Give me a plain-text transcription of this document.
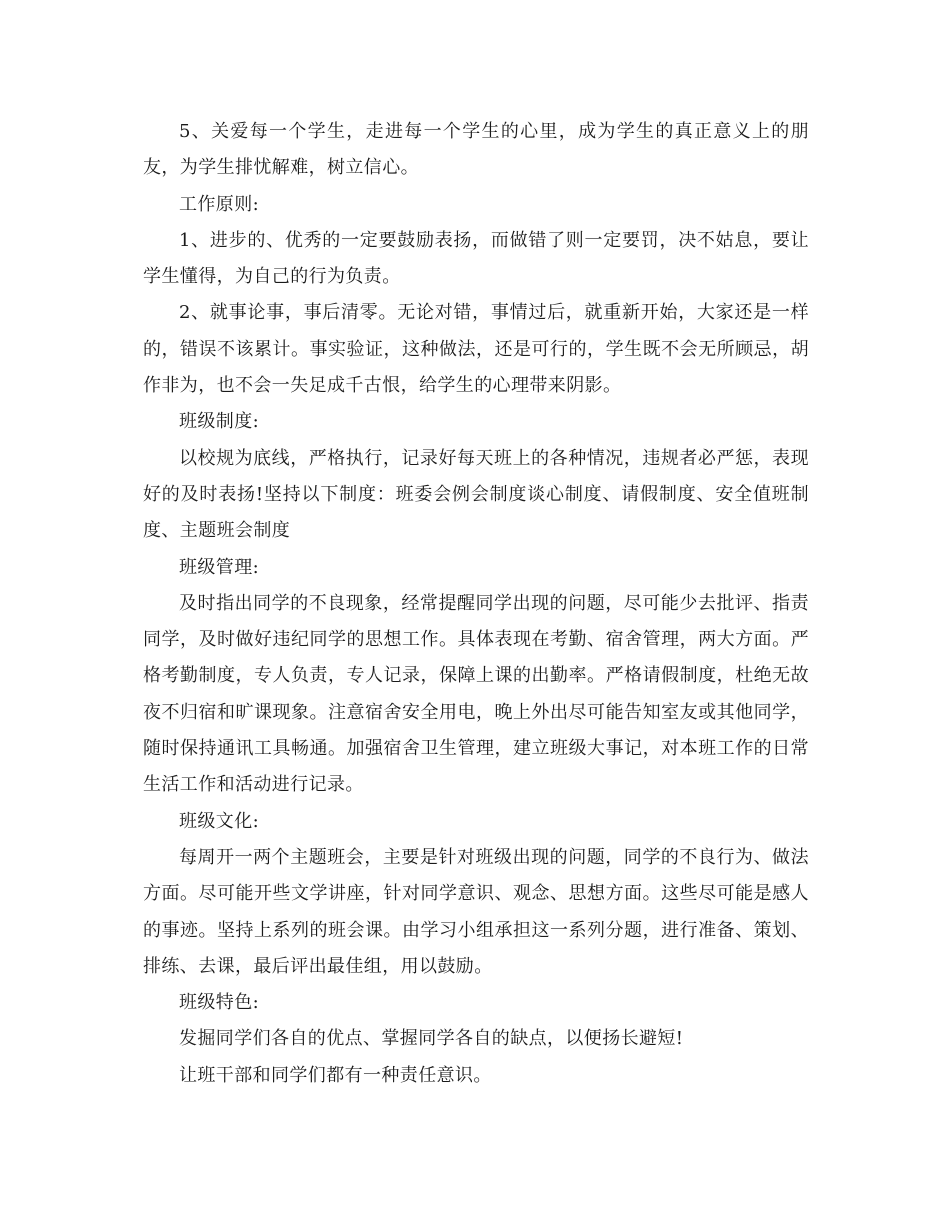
5、关爱每一个学生，走进每一个学生的心里，成为学生的真正意义上的朋友，为学生排忧解难，树立信心。

工作原则:

1、进步的、优秀的一定要鼓励表扬，而做错了则一定要罚，决不姑息，要让学生懂得，为自己的行为负责。

2、就事论事，事后清零。无论对错，事情过后，就重新开始，大家还是一样的，错误不该累计。事实验证，这种做法，还是可行的，学生既不会无所顾忌，胡作非为，也不会一失足成千古恨，给学生的心理带来阴影。

班级制度:

以校规为底线，严格执行，记录好每天班上的各种情况，违规者必严惩，表现好的及时表扬!坚持以下制度：班委会例会制度谈心制度、请假制度、安全值班制度、主题班会制度

班级管理:

及时指出同学的不良现象，经常提醒同学出现的问题，尽可能少去批评、指责同学，及时做好违纪同学的思想工作。具体表现在考勤、宿舍管理，两大方面。严格考勤制度，专人负责，专人记录，保障上课的出勤率。严格请假制度，杜绝无故夜不归宿和旷课现象。注意宿舍安全用电，晚上外出尽可能告知室友或其他同学，随时保持通讯工具畅通。加强宿舍卫生管理，建立班级大事记，对本班工作的日常生活工作和活动进行记录。

班级文化:

每周开一两个主题班会，主要是针对班级出现的问题，同学的不良行为、做法方面。尽可能开些文学讲座，针对同学意识、观念、思想方面。这些尽可能是感人的事迹。坚持上系列的班会课。由学习小组承担这一系列分题，进行准备、策划、排练、去课，最后评出最佳组，用以鼓励。

班级特色:

发掘同学们各自的优点、掌握同学各自的缺点，以便扬长避短!

让班干部和同学们都有一种责任意识。
